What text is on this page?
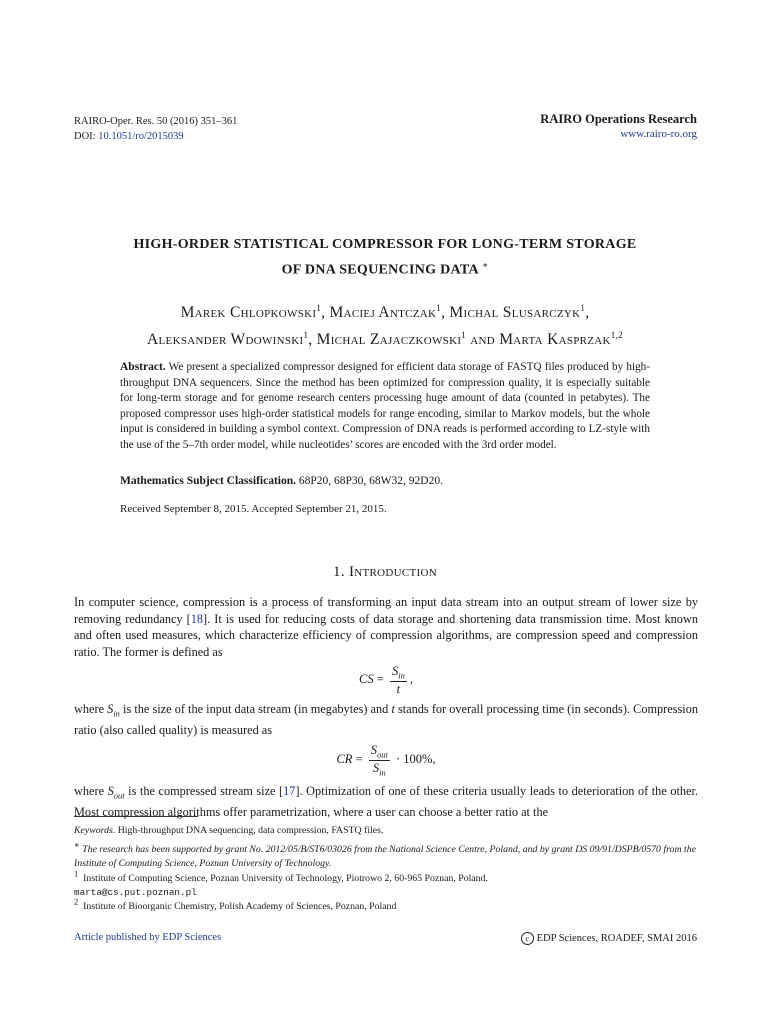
RAIRO-Oper. Res. 50 (2016) 351–361
DOI: 10.1051/ro/2015039
RAIRO Operations Research
www.rairo-ro.org
HIGH-ORDER STATISTICAL COMPRESSOR FOR LONG-TERM STORAGE
OF DNA SEQUENCING DATA ∗
Marek Chlopkowski$^1$, Maciej Antczak$^1$, Michal Slusarczyk$^1$,
Aleksander Wdowinski$^1$, Michal Zajaczkowski$^1$ and Marta Kasprzak$^{1,2}$
Abstract. We present a specialized compressor designed for efficient data storage of FASTQ files produced by high-throughput DNA sequencers. Since the method has been optimized for compression quality, it is especially suitable for long-term storage and for genome research centers processing huge amount of data (counted in petabytes). The proposed compressor uses high-order statistical models for range encoding, similar to Markov models, but the whole input is considered in building a symbol context. Compression of DNA reads is performed according to LZ-style with the use of the 5–7th order model, while nucleotides’ scores are encoded with the 3rd order model.
Mathematics Subject Classification. 68P20, 68P30, 68W32, 92D20.
Received September 8, 2015. Accepted September 21, 2015.
1. Introduction
In computer science, compression is a process of transforming an input data stream into an output stream of lower size by removing redundancy [18]. It is used for reducing costs of data storage and shortening data transmission time. Most known and often used measures, which characterize efficiency of compression algorithms, are compression speed and compression ratio. The former is defined as
CS = $\frac{S_{in}}{t}$ ,
where $S_{in}$ is the size of the input data stream (in megabytes) and t stands for overall processing time (in seconds). Compression ratio (also called quality) is measured as
CR = $\frac{S_{out}}{S_{in}} \cdot 100\%$,
where $S_{out}$ is the compressed stream size [17]. Optimization of one of these criteria usually leads to deterioration of the other. Most compression algorithms offer parametrization, where a user can choose a better ratio at the
Keywords. High-throughput DNA sequencing, data compression, FASTQ files.
∗ The research has been supported by grant No. 2012/05/B/ST6/03026 from the National Science Centre, Poland, and by grant DS 09/91/DSPB/0570 from the Institute of Computing Science, Poznan University of Technology.
1 Institute of Computing Science, Poznan University of Technology, Piotrowo 2, 60-965 Poznan, Poland.
marta@cs.put.poznan.pl
2 Institute of Bioorganic Chemistry, Polish Academy of Sciences, Poznan, Poland
Article published by EDP Sciences	c EDP Sciences, ROADEF, SMAI 2016
